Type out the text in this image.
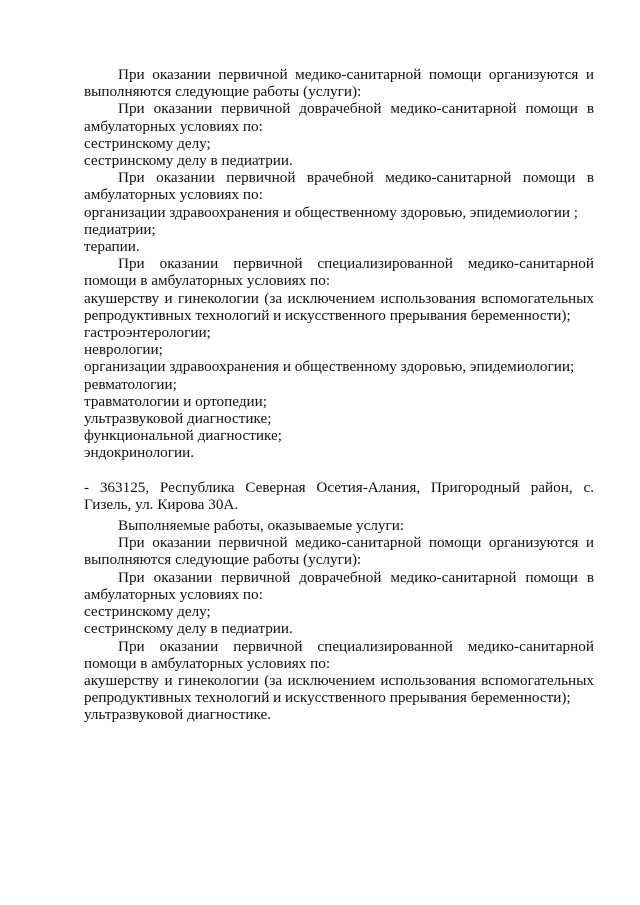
При оказании первичной медико-санитарной помощи организуются и выполняются следующие работы (услуги):

При оказании первичной доврачебной медико-санитарной помощи в амбулаторных условиях по:

сестринскому делу;

сестринскому делу в педиатрии.

При оказании первичной врачебной медико-санитарной помощи в амбулаторных условиях по:

организации здравоохранения и общественному здоровью, эпидемиологии ;

педиатрии;

терапии.

При оказании первичной специализированной медико-санитарной помощи в амбулаторных условиях по:

акушерству и гинекологии (за исключением использования вспомогательных репродуктивных технологий и искусственного прерывания беременности);

гастроэнтерологии;

неврологии;

организации здравоохранения и общественному здоровью, эпидемиологии;

ревматологии;

травматологии и ортопедии;

ультразвуковой диагностике;

функциональной диагностике;

эндокринологии.

- 363125, Республика Северная Осетия-Алания, Пригородный район, с. Гизель, ул. Кирова 30А.

Выполняемые работы, оказываемые услуги:

При оказании первичной медико-санитарной помощи организуются и выполняются следующие работы (услуги):

При оказании первичной доврачебной медико-санитарной помощи в амбулаторных условиях по:

сестринскому делу;

сестринскому делу в педиатрии.

При оказании первичной специализированной медико-санитарной помощи в амбулаторных условиях по:

акушерству и гинекологии (за исключением использования вспомогательных репродуктивных технологий и искусственного прерывания беременности);

ультразвуковой диагностике.
